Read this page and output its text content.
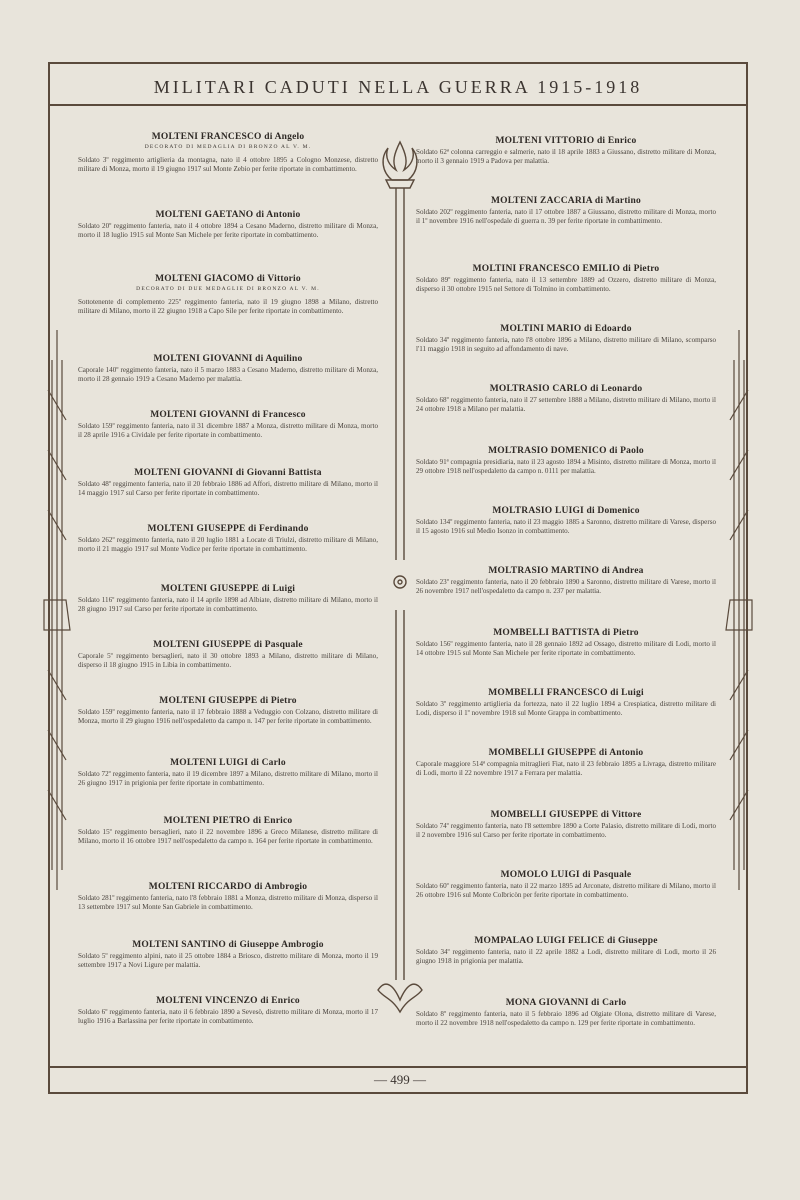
MILITARI CADUTI NELLA GUERRA 1915-1918
MOLTENI FRANCESCO di Angelo
DECORATO DI MEDAGLIA DI BRONZO AL V. M.
Soldato 3º reggimento artiglieria da montagna, nato il 4 ottobre 1895 a Cologno Monzese, distretto militare di Monza, morto il 19 giugno 1917 sul Monte Zebio per ferite riportate in combattimento.
MOLTENI GAETANO di Antonio
Soldato 20º reggimento fanteria, nato il 4 ottobre 1894 a Cesano Maderno, distretto militare di Monza, morto il 18 luglio 1915 sul Monte San Michele per ferite riportate in combattimento.
MOLTENI GIACOMO di Vittorio
DECORATO DI DUE MEDAGLIE DI BRONZO AL V. M.
Sottotenente di complemento 225º reggimento fanteria, nato il 19 giugno 1898 a Milano, distretto militare di Milano, morto il 22 giugno 1918 a Capo Sile per ferite riportate in combattimento.
MOLTENI GIOVANNI di Aquilino
Caporale 140º reggimento fanteria, nato il 5 marzo 1883 a Cesano Maderno, distretto militare di Monza, morto il 28 gennaio 1919 a Cesano Maderno per malattia.
MOLTENI GIOVANNI di Francesco
Soldato 159º reggimento fanteria, nato il 31 dicembre 1887 a Monza, distretto militare di Monza, morto il 28 aprile 1916 a Cividale per ferite riportate in combattimento.
MOLTENI GIOVANNI di Giovanni Battista
Soldato 48º reggimento fanteria, nato il 20 febbraio 1886 ad Affori, distretto militare di Milano, morto il 14 maggio 1917 sul Carso per ferite riportate in combattimento.
MOLTENI GIUSEPPE di Ferdinando
Soldato 262º reggimento fanteria, nato il 20 luglio 1881 a Locate di Triulzi, distretto militare di Milano, morto il 21 maggio 1917 sul Monte Vodice per ferite riportate in combattimento.
MOLTENI GIUSEPPE di Luigi
Soldato 116º reggimento fanteria, nato il 14 aprile 1898 ad Albiate, distretto militare di Milano, morto il 28 giugno 1917 sul Carso per ferite riportate in combattimento.
MOLTENI GIUSEPPE di Pasquale
Caporale 5º reggimento bersaglieri, nato il 30 ottobre 1893 a Milano, distretto militare di Milano, disperso il 18 giugno 1915 in Libia in combattimento.
MOLTENI GIUSEPPE di Pietro
Soldato 159º reggimento fanteria, nato il 17 febbraio 1888 a Veduggio con Colzano, distretto militare di Monza, morto il 29 giugno 1916 nell'ospedaletto da campo n. 147 per ferite riportate in combattimento.
MOLTENI LUIGI di Carlo
Soldato 72º reggimento fanteria, nato il 19 dicembre 1897 a Milano, distretto militare di Milano, morto il 26 giugno 1917 in prigionia per ferite riportate in combattimento.
MOLTENI PIETRO di Enrico
Soldato 15º reggimento bersaglieri, nato il 22 novembre 1896 a Greco Milanese, distretto militare di Milano, morto il 16 ottobre 1917 nell'ospedaletto da campo n. 164 per ferite riportate in combattimento.
MOLTENI RICCARDO di Ambrogio
Soldato 281º reggimento fanteria, nato l'8 febbraio 1881 a Monza, distretto militare di Monza, disperso il 13 settembre 1917 sul Monte San Gabriele in combattimento.
MOLTENI SANTINO di Giuseppe Ambrogio
Soldato 5º reggimento alpini, nato il 25 ottobre 1884 a Briosco, distretto militare di Monza, morto il 19 settembre 1917 a Novi Ligure per malattia.
MOLTENI VINCENZO di Enrico
Soldato 6º reggimento fanteria, nato il 6 febbraio 1890 a Sevesò, distretto militare di Monza, morto il 17 luglio 1916 a Barlassina per ferite riportate in combattimento.
MOLTENI VITTORIO di Enrico
Soldato 62ª colonna carreggio e salmerie, nato il 18 aprile 1883 a Giussano, distretto militare di Monza, morto il 3 gennaio 1919 a Padova per malattia.
MOLTENI ZACCARIA di Martino
Soldato 202º reggimento fanteria, nato il 17 ottobre 1887 a Giussano, distretto militare di Monza, morto il 1º novembre 1916 nell'ospedale di guerra n. 39 per ferite riportate in combattimento.
MOLTINI FRANCESCO EMILIO di Pietro
Soldato 89º reggimento fanteria, nato il 13 settembre 1889 ad Ozzero, distretto militare di Monza, disperso il 30 ottobre 1915 nel Settore di Tolmino in combattimento.
MOLTINI MARIO di Edoardo
Soldato 34º reggimento fanteria, nato l'8 ottobre 1896 a Milano, distretto militare di Milano, scomparso l'11 maggio 1918 in seguito ad affondamento di nave.
MOLTRASIO CARLO di Leonardo
Soldato 68º reggimento fanteria, nato il 27 settembre 1888 a Milano, distretto militare di Milano, morto il 24 ottobre 1918 a Milano per malattia.
MOLTRASIO DOMENICO di Paolo
Soldato 91ª compagnia presidiaria, nato il 23 agosto 1894 a Misinto, distretto militare di Monza, morto il 29 ottobre 1918 nell'ospedaletto da campo n. 0111 per malattia.
MOLTRASIO LUIGI di Domenico
Soldato 134º reggimento fanteria, nato il 23 maggio 1885 a Saronno, distretto militare di Varese, disperso il 15 agosto 1916 sul Medio Isonzo in combattimento.
MOLTRASIO MARTINO di Andrea
Soldato 23º reggimento fanteria, nato il 20 febbraio 1890 a Saronno, distretto militare di Varese, morto il 26 novembre 1917 nell'ospedaletto da campo n. 237 per malattia.
MOMBELLI BATTISTA di Pietro
Soldato 156º reggimento fanteria, nato il 28 gennaio 1892 ad Ossago, distretto militare di Lodi, morto il 14 ottobre 1915 sul Monte San Michele per ferite riportate in combattimento.
MOMBELLI FRANCESCO di Luigi
Soldato 3º reggimento artiglieria da fortezza, nato il 22 luglio 1894 a Crespiatica, distretto militare di Lodi, disperso il 1º novembre 1918 sul Monte Grappa in combattimento.
MOMBELLI GIUSEPPE di Antonio
Caporale maggiore 514ª compagnia mitraglieri Fiat, nato il 23 febbraio 1895 a Livraga, distretto militare di Lodi, morto il 22 novembre 1917 a Ferrara per malattia.
MOMBELLI GIUSEPPE di Vittore
Soldato 74º reggimento fanteria, nato l'8 settembre 1890 a Corte Palasio, distretto militare di Lodi, morto il 2 novembre 1916 sul Carso per ferite riportate in combattimento.
MOMOLO LUIGI di Pasquale
Soldato 60º reggimento fanteria, nato il 22 marzo 1895 ad Arconate, distretto militare di Milano, morto il 26 ottobre 1916 sul Monte Colbricòn per ferite riportate in combattimento.
MOMPALAO LUIGI FELICE di Giuseppe
Soldato 34º reggimento fanteria, nato il 22 aprile 1882 a Lodi, distretto militare di Lodi, morto il 26 giugno 1918 in prigionia per malattia.
MONA GIOVANNI di Carlo
Soldato 8º reggimento fanteria, nato il 5 febbraio 1896 ad Olgiate Olona, distretto militare di Varese, morto il 22 novembre 1918 nell'ospedaletto da campo n. 129 per ferite riportate in combattimento.
— 499 —
